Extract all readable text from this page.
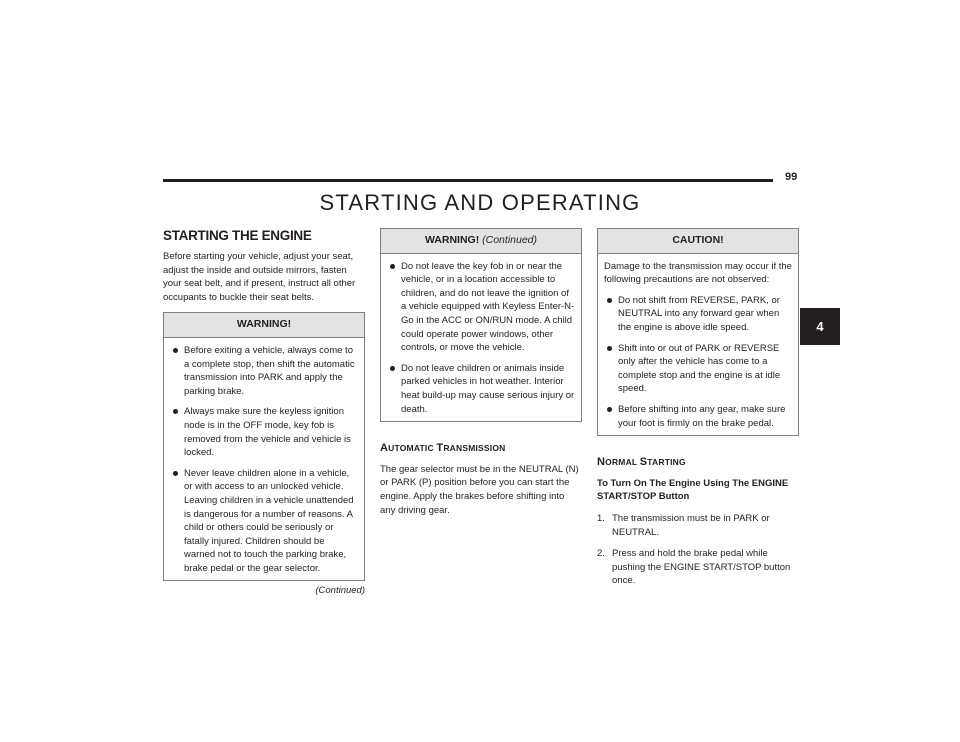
99
STARTING AND OPERATING
4
STARTING THE ENGINE

Before starting your vehicle, adjust your seat, adjust the inside and outside mirrors, fasten your seat belt, and if present, instruct all other occupants to buckle their seat belts.

WARNING!
Before exiting a vehicle, always come to a complete stop, then shift the automatic transmission into PARK and apply the parking brake.
Always make sure the keyless ignition node is in the OFF mode, key fob is removed from the vehicle and vehicle is locked.
Never leave children alone in a vehicle, or with access to an unlocked vehicle. Leaving children in a vehicle unattended is dangerous for a number of reasons. A child or others could be seriously or fatally injured. Children should be warned not to touch the parking brake, brake pedal or the gear selector.
(Continued)
WARNING! (Continued)
Do not leave the key fob in or near the vehicle, or in a location accessible to children, and do not leave the ignition of a vehicle equipped with Keyless Enter-N-Go in the ACC or ON/RUN mode. A child could operate power windows, other controls, or move the vehicle.
Do not leave children or animals inside parked vehicles in hot weather. Interior heat build-up may cause serious injury or death.
AUTOMATIC TRANSMISSION

The gear selector must be in the NEUTRAL (N) or PARK (P) position before you can start the engine. Apply the brakes before shifting into any driving gear.

CAUTION!

Damage to the transmission may occur if the following precautions are not observed:

Do not shift from REVERSE, PARK, or NEUTRAL into any forward gear when the engine is above idle speed.
Shift into or out of PARK or REVERSE only after the vehicle has come to a complete stop and the engine is at idle speed.
Before shifting into any gear, make sure your foot is firmly on the brake pedal.
NORMAL STARTING
To Turn On The Engine Using The ENGINE START/STOP Button
1. The transmission must be in PARK or NEUTRAL.
2. Press and hold the brake pedal while pushing the ENGINE START/STOP button once.
